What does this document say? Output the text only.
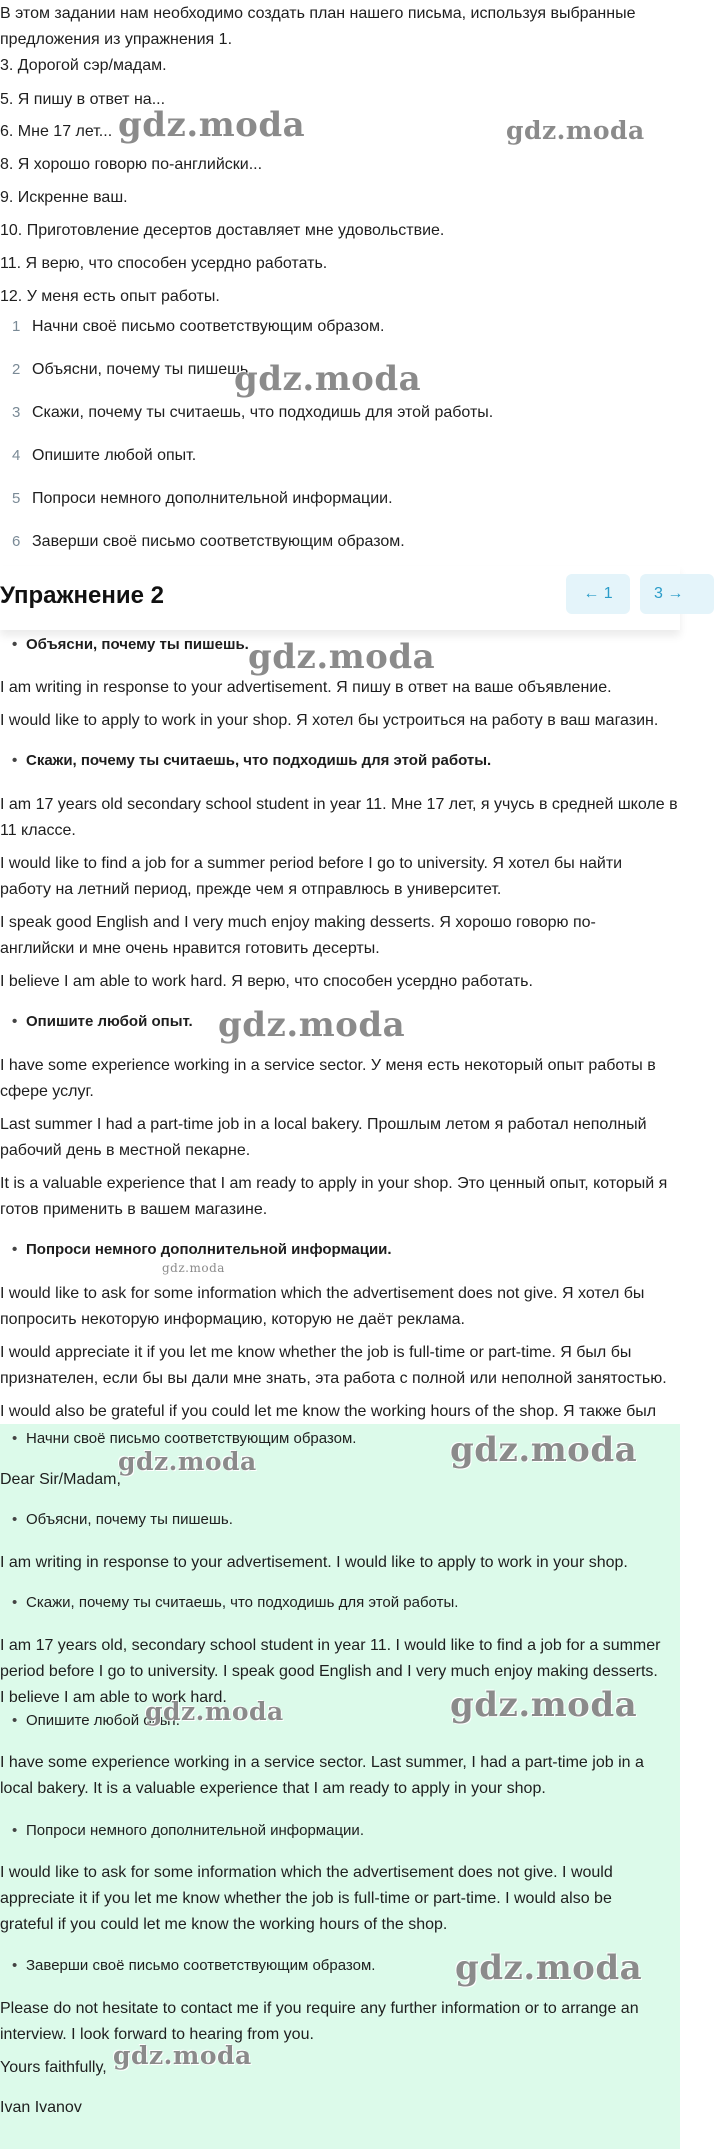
В этом задании нам необходимо создать план нашего письма, используя выбранные

предложения из упражнения 1.

3. Дорогой сэр/мадам.

5. Я пишу в ответ на...

6. Мне 17 лет...

8. Я хорошо говорю по-английски...

9. Искренне ваш.

10. Приготовление десертов доставляет мне удовольствие.

11. Я верю, что способен усердно работать.

12. У меня есть опыт работы.

1 Начни своё письмо соответствующим образом.
2 Объясни, почему ты пишешь.
3 Скажи, почему ты считаешь, что подходишь для этой работы.
4 Опишите любой опыт.
5 Попроси немного дополнительной информации.
6 Заверши своё письмо соответствующим образом.
Упражнение 2	← 1	3 →

• Объясни, почему ты пишешь.

I am writing in response to your advertisement. Я пишу в ответ на ваше объявление.

I would like to apply to work in your shop. Я хотел бы устроиться на работу в ваш магазин.

• Скажи, почему ты считаешь, что подходишь для этой работы.

I am 17 years old secondary school student in year 11. Мне 17 лет, я учусь в средней школе в

11 классе.

I would like to find a job for a summer period before I go to university. Я хотел бы найти

работу на летний период, прежде чем я отправлюсь в университет.

I speak good English and I very much enjoy making desserts. Я хорошо говорю по-

английски и мне очень нравится готовить десерты.

I believe I am able to work hard. Я верю, что способен усердно работать.

• Опишите любой опыт.

I have some experience working in a service sector. У меня есть некоторый опыт работы в

сфере услуг.

Last summer I had a part-time job in a local bakery. Прошлым летом я работал неполный

рабочий день в местной пекарне.

It is a valuable experience that I am ready to apply in your shop. Это ценный опыт, который я

готов применить в вашем магазине.

• Попроси немного дополнительной информации.

I would like to ask for some information which the advertisement does not give. Я хотел бы

попросить некоторую информацию, которую не даёт реклама.

I would appreciate it if you let me know whether the job is full-time or part-time. Я был бы

признателен, если бы вы дали мне знать, эта работа с полной или неполной занятостью.

I would also be grateful if you could let me know the working hours of the shop. Я также был

• Начни своё письмо соответствующим образом.

Dear Sir/Madam,

• Объясни, почему ты пишешь.

I am writing in response to your advertisement. I would like to apply to work in your shop.

• Скажи, почему ты считаешь, что подходишь для этой работы.

I am 17 years old, secondary school student in year 11. I would like to find a job for a summer

period before I go to university. I speak good English and I very much enjoy making desserts.

I believe I am able to work hard.

• Опишите любой опыт.

I have some experience working in a service sector. Last summer, I had a part-time job in a

local bakery. It is a valuable experience that I am ready to apply in your shop.

• Попроси немного дополнительной информации.

I would like to ask for some information which the advertisement does not give. I would

appreciate it if you let me know whether the job is full-time or part-time. I would also be

grateful if you could let me know the working hours of the shop.

• Заверши своё письмо соответствующим образом.

Please do not hesitate to contact me if you require any further information or to arrange an

interview. I look forward to hearing from you.

Yours faithfully,

Ivan Ivanov

gdz.moda	gdz.moda
gdz.moda
gdz.moda
gdz.moda
gdz.moda
gdz.moda
gdz.moda
gdz.moda	gdz.moda
gdz.moda
gdz.moda
